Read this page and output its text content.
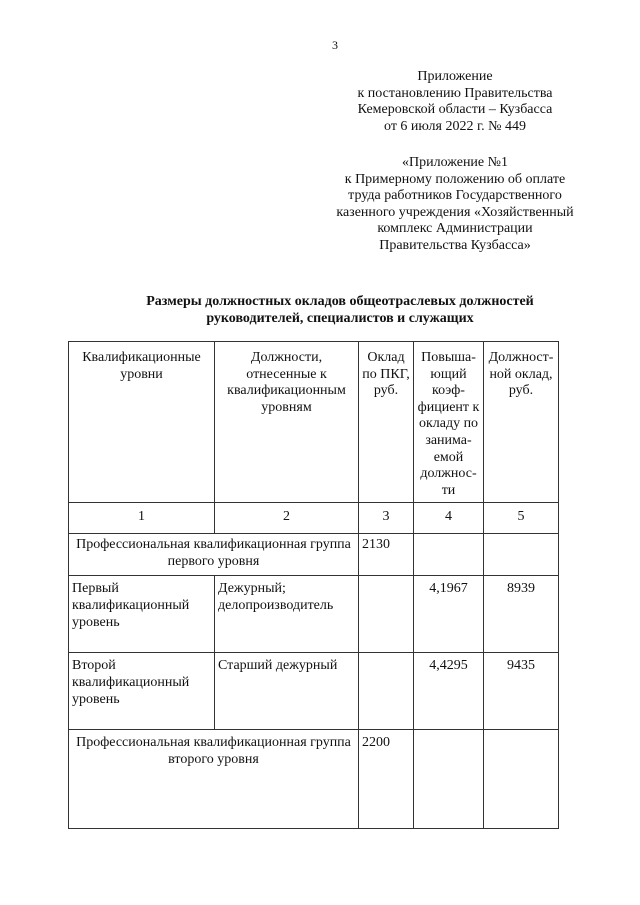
3
Приложение
к постановлению Правительства
Кемеровской области – Кузбасса
от 6 июля 2022 г. № 449
«Приложение №1
к Примерному положению об оплате
труда работников Государственного
казенного учреждения «Хозяйственный
комплекс Администрации
Правительства Кузбасса»
Размеры должностных окладов общеотраслевых должностей
руководителей, специалистов и служащих
Квалификационные уровни	Должности, отнесенные к квалификационным уровням	Оклад по ПКГ, руб.	Повыша-ющий коэф-фициент к окладу по занима-емой должнос-ти	Должност-ной оклад, руб.
1	2	3	4	5
Профессиональная квалификационная группа первого уровня		2130		
Первый квалификационный уровень	Дежурный; делопроизводитель		4,1967	8939
Второй квалификационный уровень	Старший дежурный		4,4295	9435
Профессиональная квалификационная группа второго уровня		2200		
